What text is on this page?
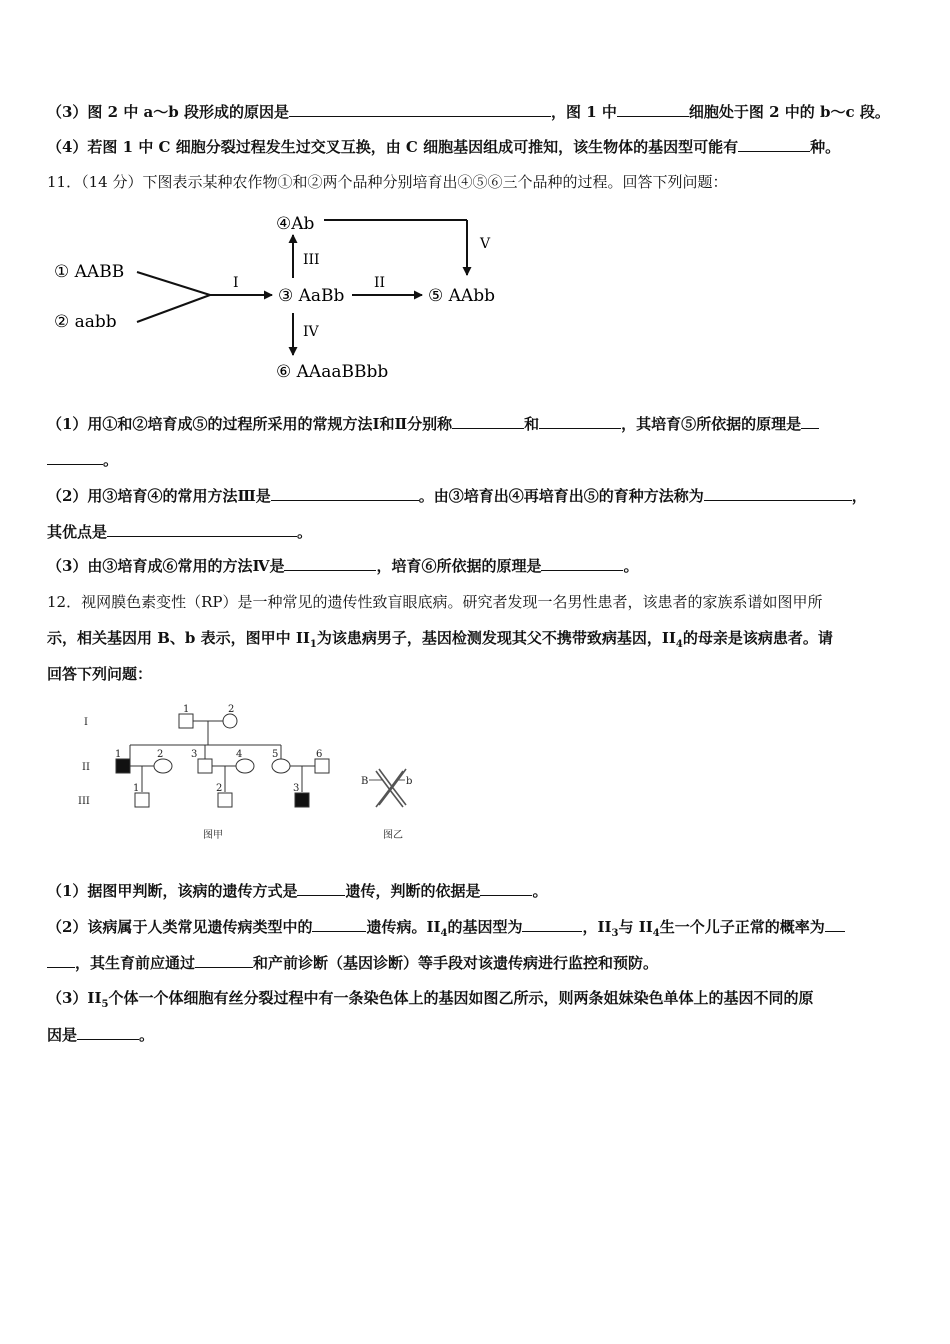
（3）图 2 中 a～b 段形成的原因是	，图 1 中	细胞处于图 2 中的 b～c 段。
（4）若图 1 中 C 细胞分裂过程发生过交叉互换，由 C 细胞基因组成可推知，该生物体的基因型可能有	种。
11．（14 分）下图表示某种农作物①和②两个品种分别培育出④⑤⑥三个品种的过程。回答下列问题：
① AABB
② aabb
I
③ AaBb
II
⑤ AAbb
III
④Ab
V
IV
⑥ AAaaBBbb
（1）用①和②培育成⑤的过程所采用的常规方法Ⅰ和Ⅱ分别称	和	，其培育⑤所依据的原理是
。
（2）用③培育④的常用方法Ⅲ是	。由③培育出④再培育出⑤的育种方法称为	，
其优点是	。
（3）由③培育成⑥常用的方法Ⅳ是	，培育⑥所依据的原理是	。
12．视网膜色素变性（RP）是一种常见的遗传性致盲眼底病。研究者发现一名男性患者，该患者的家族系谱如图甲所
示，相关基因用 B、b 表示，图甲中 $II_1$为该患病男子，基因检测发现其父不携带致病基因，$II_4$的母亲是该病患者。请
回答下列问题：
I
II
III
1	2
1	2	3	4	5	6
1	2	3
图甲	图乙
B	b
（1）据图甲判断，该病的遗传方式是	遗传，判断的依据是	。
（2）该病属于人类常见遗传病类型中的	遗传病。$II_4$的基因型为	，$II_3$与 $II_4$生一个儿子正常的概率为
，其生育前应通过	和产前诊断（基因诊断）等手段对该遗传病进行监控和预防。
$(3)II_5$个体一个体细胞有丝分裂过程中有一条染色体上的基因如图乙所示，则两条姐妹染色单体上的基因不同的原
因是	。
